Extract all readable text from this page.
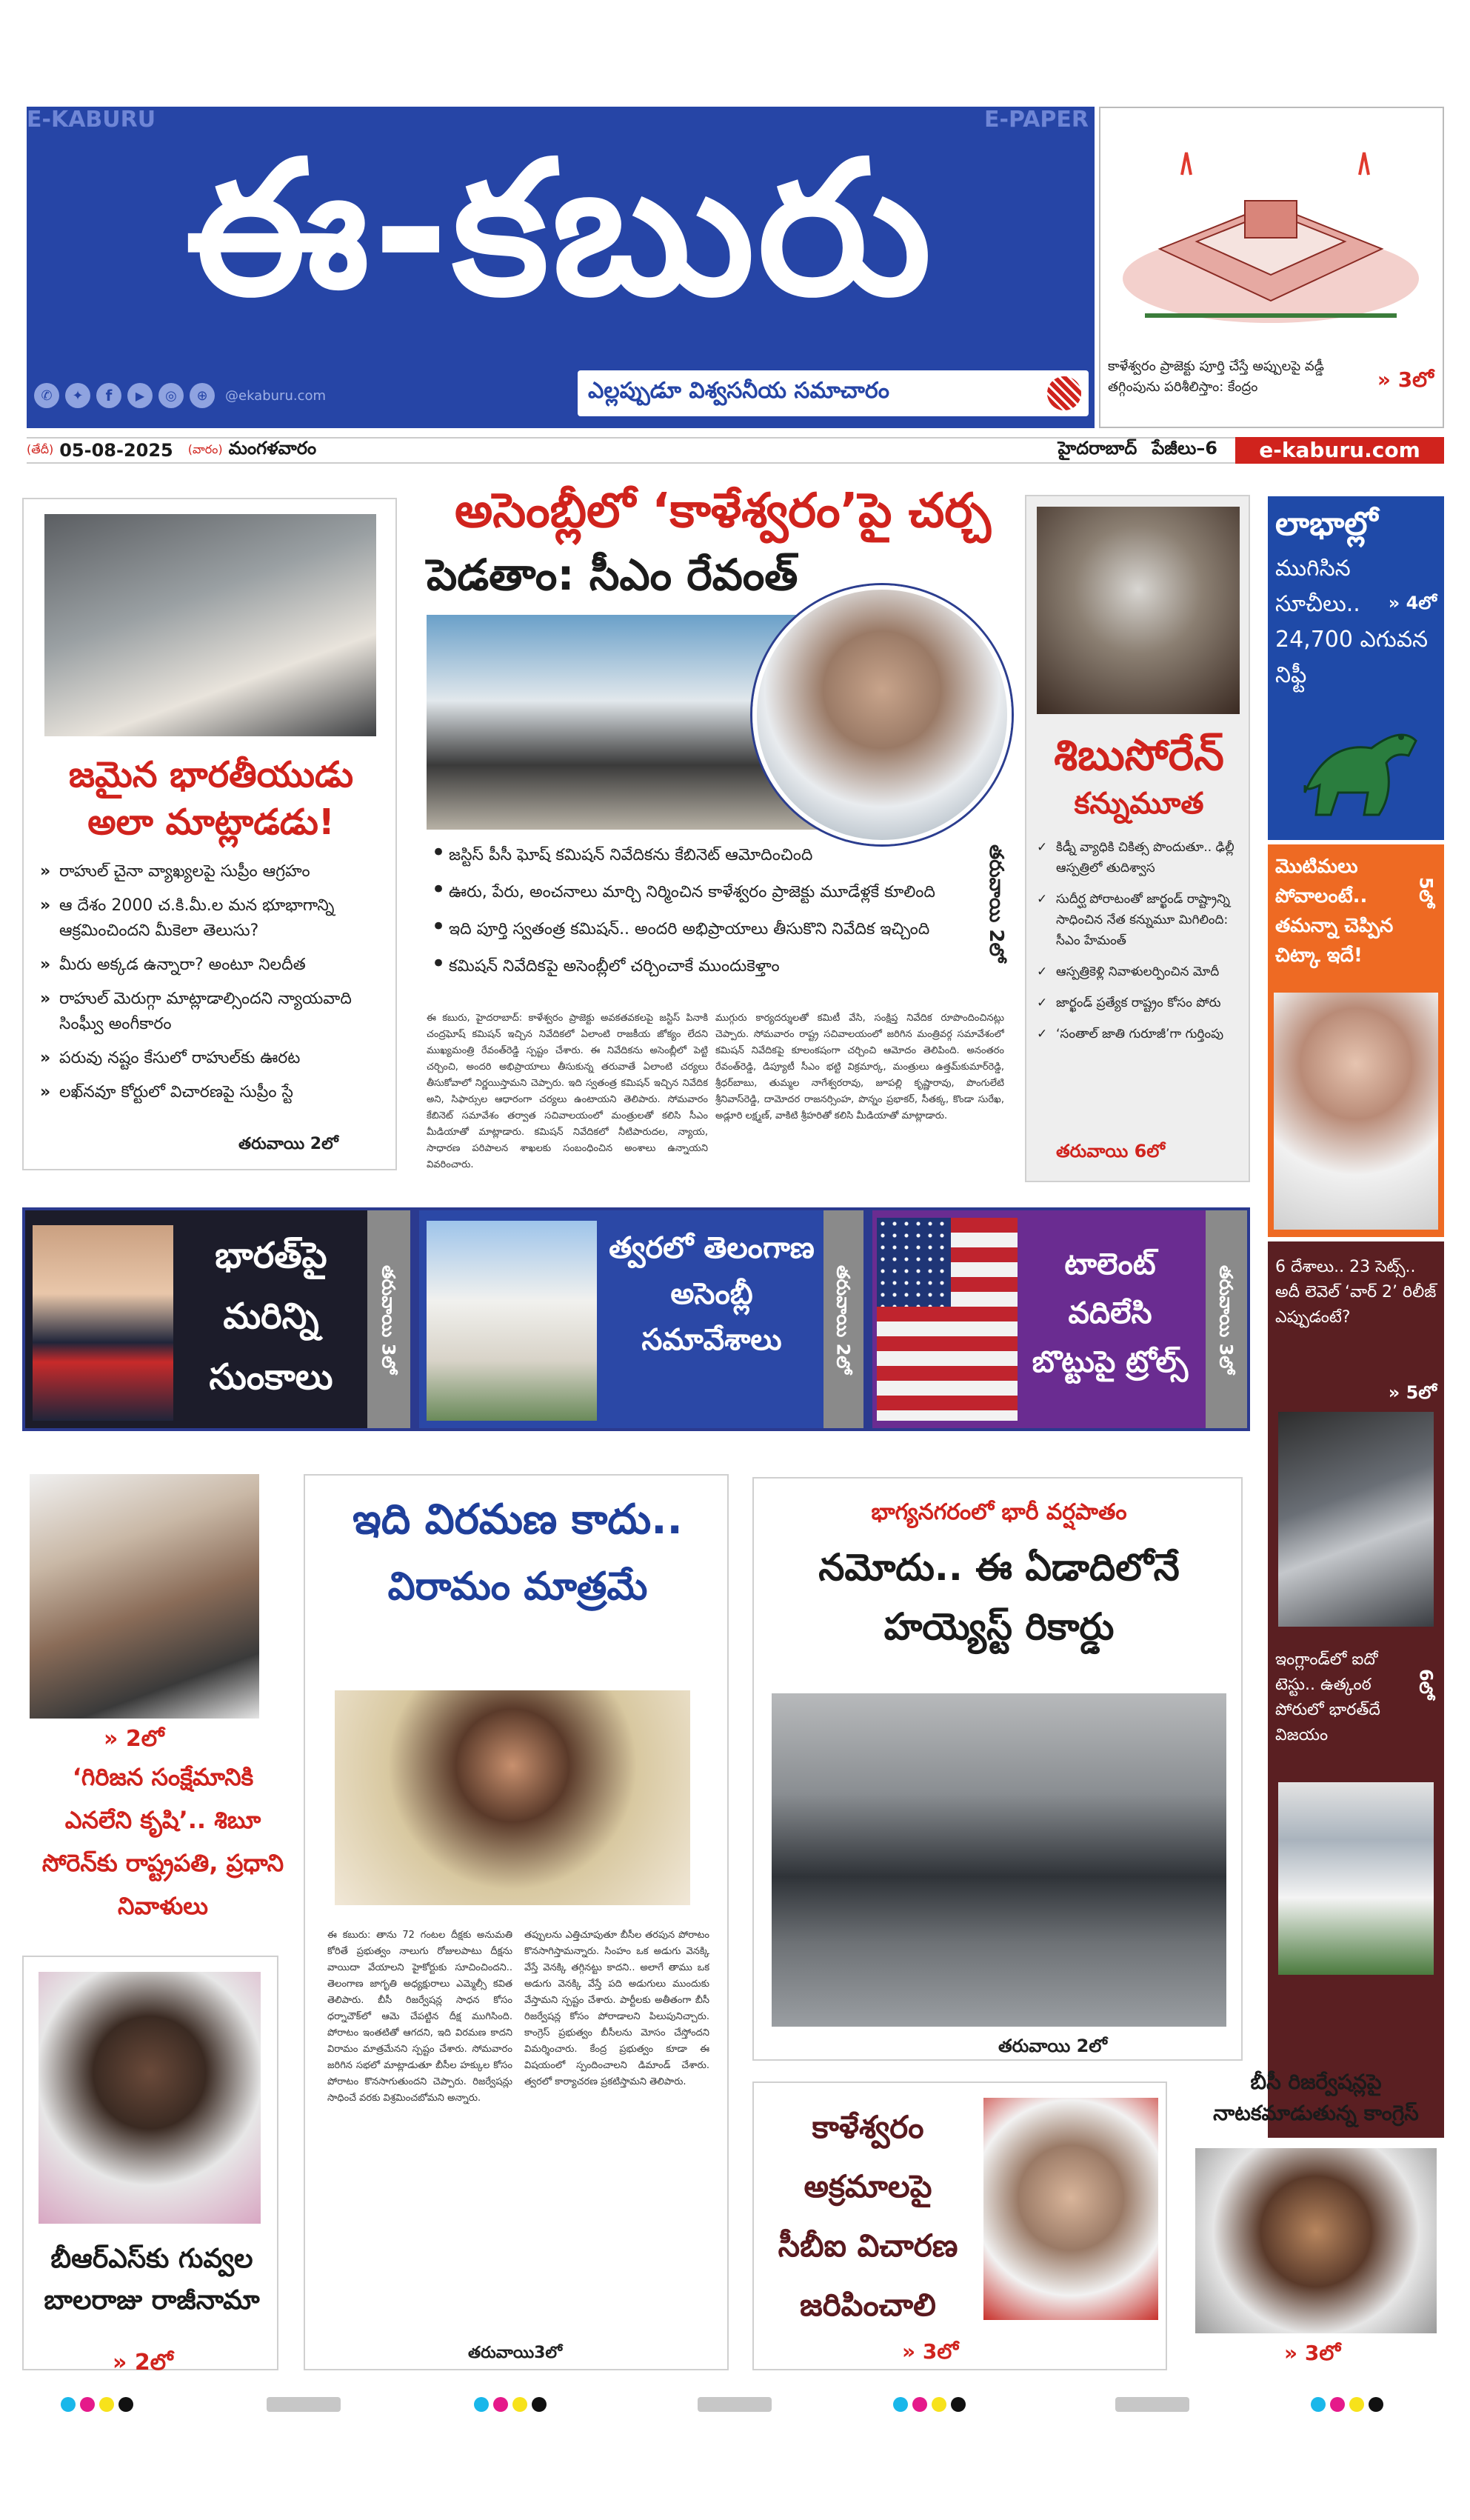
E-KABURU	E-PAPER
ఈ-కబురు
✆	✦	f	▶	◎	⊕	@ekaburu.com	ఎల్లప్పుడూ విశ్వసనీయ సమాచారం
కాళేశ్వరం ప్రాజెక్టు పూర్తి చేస్తే అప్పులపై వడ్డీ
తగ్గింపును పరిశీలిస్తాం: కేంద్రం	» 3లో
(తేదీ) 05-08-2025 (వారం) మంగళవారం	హైదరాబాద్ పేజీలు–6	e-kaburu.com
జమైన భారతీయుడు అలా మాట్లాడడు!
» రాహుల్ చైనా వ్యాఖ్యలపై సుప్రీం ఆగ్రహం
» ఆ దేశం 2000 చ.కి.మీ.ల మన భూభాగాన్ని ఆక్రమించిందని మీకెలా తెలుసు?
» మీరు అక్కడ ఉన్నారా? అంటూ నిలదీత
» రాహుల్ మెరుగ్గా మాట్లాడాల్సిందని న్యాయవాది సింఘ్వీ అంగీకారం
» పరువు నష్టం కేసులో రాహుల్‌కు ఊరట
» లఖ్‌నవూ కోర్టులో విచారణపై సుప్రీం స్టే
తరువాయి 2లో
అసెంబ్లీలో ‘కాళేశ్వరం’పై చర్చ
పెడతాం: సీఎం రేవంత్
• జస్టిస్ పీసీ ఘోష్ కమిషన్ నివేదికను కేబినెట్ ఆమోదించింది
• ఊరు, పేరు, అంచనాలు మార్చి నిర్మించిన కాళేశ్వరం ప్రాజెక్టు మూడేళ్లకే కూలింది
• ఇది పూర్తి స్వతంత్ర కమిషన్.. అందరి అభిప్రాయాలు తీసుకొని నివేదిక ఇచ్చింది
• కమిషన్ నివేదికపై అసెంబ్లీలో చర్చించాకే ముందుకెళ్తాం
తరువాయి 2లో
ఈ కబురు, హైదరాబాద్: కాళేశ్వరం ప్రాజెక్టు అవకతవకలపై జస్టిస్ పినాకి చంద్రఘోష్ కమిషన్ ఇచ్చిన నివేదికలో ఏలాంటి రాజకీయ జోక్యం లేదని ముఖ్యమంత్రి రేవంత్‌రెడ్డి స్పష్టం చేశారు. ఈ నివేదికను అసెంబ్లీలో పెట్టి చర్చించి, అందరి అభిప్రాయాలు తీసుకున్న తరువాతే ఏలాంటి చర్యలు తీసుకోవాలో నిర్ణయిస్తామని చెప్పారు. ఇది స్వతంత్ర కమిషన్ ఇచ్చిన నివేదిక అని, సిఫార్సుల ఆధారంగా చర్యలు ఉంటాయని తెలిపారు. సోమవారం కేబినెట్ సమావేశం తర్వాత సచివాలయంలో మంత్రులతో కలిసి సీఎం మీడియాతో మాట్లాడారు. కమిషన్ నివేదికలో నీటిపారుదల, న్యాయ, సాధారణ పరిపాలన శాఖలకు సంబంధించిన అంశాలు ఉన్నాయని వివరించారు.
ముగ్గురు కార్యదర్శులతో కమిటీ వేసి, సంక్షిప్త నివేదిక రూపొందించినట్లు చెప్పారు. సోమవారం రాష్ట్ర సచివాలయంలో జరిగిన మంత్రివర్గ సమావేశంలో కమిషన్ నివేదికపై కూలంకషంగా చర్చించి ఆమోదం తెలిపింది. అనంతరం రేవంత్‌రెడ్డి, డిప్యూటీ సీఎం భట్టి విక్రమార్క, మంత్రులు ఉత్తమ్‌కుమార్‌రెడ్డి, శ్రీధర్‌బాబు, తుమ్మల నాగేశ్వరరావు, జూపల్లి కృష్ణారావు, పొంగులేటి శ్రీనివాస్‌రెడ్డి, దామోదర రాజనర్సింహ, పొన్నం ప్రభాకర్, సీతక్క, కొండా సురేఖ, అడ్లూరి లక్ష్మణ్, వాకిటి శ్రీహరితో కలిసి మీడియాతో మాట్లాడారు.
శిబుసోరేన్
కన్నుమూత
✓ కిడ్నీ వ్యాధికి చికిత్స పొందుతూ.. ఢిల్లీ ఆస్పత్రిలో తుదిశ్వాస
✓ సుదీర్ఘ పోరాటంతో జార్ఖండ్ రాష్ట్రాన్ని సాధించిన నేత కన్నుమూ మిగిలింది: సీఎం హేమంత్
✓ ఆస్పత్రికెళ్లి నివాళులర్పించిన మోదీ
✓ జార్ఖండ్ ప్రత్యేక రాష్ట్రం కోసం పోరు
✓ ‘సంతాల్ జాతి గురూజీ’గా గుర్తింపు
తరువాయి 6లో
లాభాల్లో
ముగిసిన సూచీలు.. 24,700 ఎగువన నిఫ్టీ
» 4లో
మొటిమలు పోవాలంటే.. తమన్నా చెప్పిన చిట్కా ఇదే!
5లో
6 దేశాలు.. 23 సెట్స్.. అదీ లెవెల్ ‘వార్ 2’ రిలీజ్ ఎప్పుడంటే?
» 5లో
ఇంగ్లాండ్‌లో ఐదో టెస్టు.. ఉత్కంఠ పోరులో భారత్‌దే విజయం
6లో
భారత్‌పై మరిన్ని సుంకాలు
తరువాయి 3లో
త్వరలో తెలంగాణ అసెంబ్లీ సమావేశాలు	తరువాయి 2లో
టాలెంట్ వదిలేసి బొట్టుపై ట్రోల్స్	తరువాయి 3లో
» 2లో
‘గిరిజన సంక్షేమానికి ఎనలేని కృషి’.. శిబూ సోరెన్‌కు రాష్ట్రపతి, ప్రధాని నివాళులు
బీఆర్‌ఎస్‌కు గువ్వల బాలరాజు రాజీనామా
» 2లో
ఇది విరమణ కాదు..
విరామం మాత్రమే
ఈ కబురు: తాను 72 గంటల దీక్షకు అనుమతి కోరితే ప్రభుత్వం నాలుగు రోజులపాటు దీక్షను వాయిదా వేయాలని హైకోర్టుకు సూచించిందని.. తెలంగాణ జాగృతి అధ్యక్షురాలు ఎమ్మెల్సీ కవిత తెలిపారు. బీసీ రిజర్వేషన్ల సాధన కోసం ధర్నాచౌక్‌లో ఆమె చేపట్టిన దీక్ష ముగిసింది. పోరాటం ఇంతటితో ఆగదని, ఇది విరమణ కాదని విరామం మాత్రమేనని స్పష్టం చేశారు. సోమవారం జరిగిన సభలో మాట్లాడుతూ బీసీల హక్కుల కోసం పోరాటం కొనసాగుతుందని చెప్పారు. రిజర్వేషన్లు సాధించే వరకు విశ్రమించబోమని అన్నారు.
తప్పులను ఎత్తిచూపుతూ బీసీల తరపున పోరాటం కొనసాగిస్తామన్నారు. సింహం ఒక అడుగు వెనక్కి వేస్తే వెనక్కి తగ్గినట్టు కాదని.. అలాగే తాము ఒక అడుగు వెనక్కి వేస్తే పది అడుగులు ముందుకు వేస్తామని స్పష్టం చేశారు. పార్టీలకు అతీతంగా బీసీ రిజర్వేషన్ల కోసం పోరాడాలని పిలుపునిచ్చారు. కాంగ్రెస్ ప్రభుత్వం బీసీలను మోసం చేస్తోందని విమర్శించారు. కేంద్ర ప్రభుత్వం కూడా ఈ విషయంలో స్పందించాలని డిమాండ్ చేశారు. త్వరలో కార్యాచరణ ప్రకటిస్తామని తెలిపారు.
తరువాయి3లో
భాగ్యనగరంలో భారీ వర్షపాతం
నమోదు.. ఈ ఏడాదిలోనే హయ్యెస్ట్ రికార్డు
తరువాయి 2లో
కాళేశ్వరం అక్రమాలపై సీబీఐ విచారణ జరిపించాలి
» 3లో
బీసీ రిజర్వేషన్లపై నాటకమాడుతున్న కాంగ్రెస్
» 3లో
